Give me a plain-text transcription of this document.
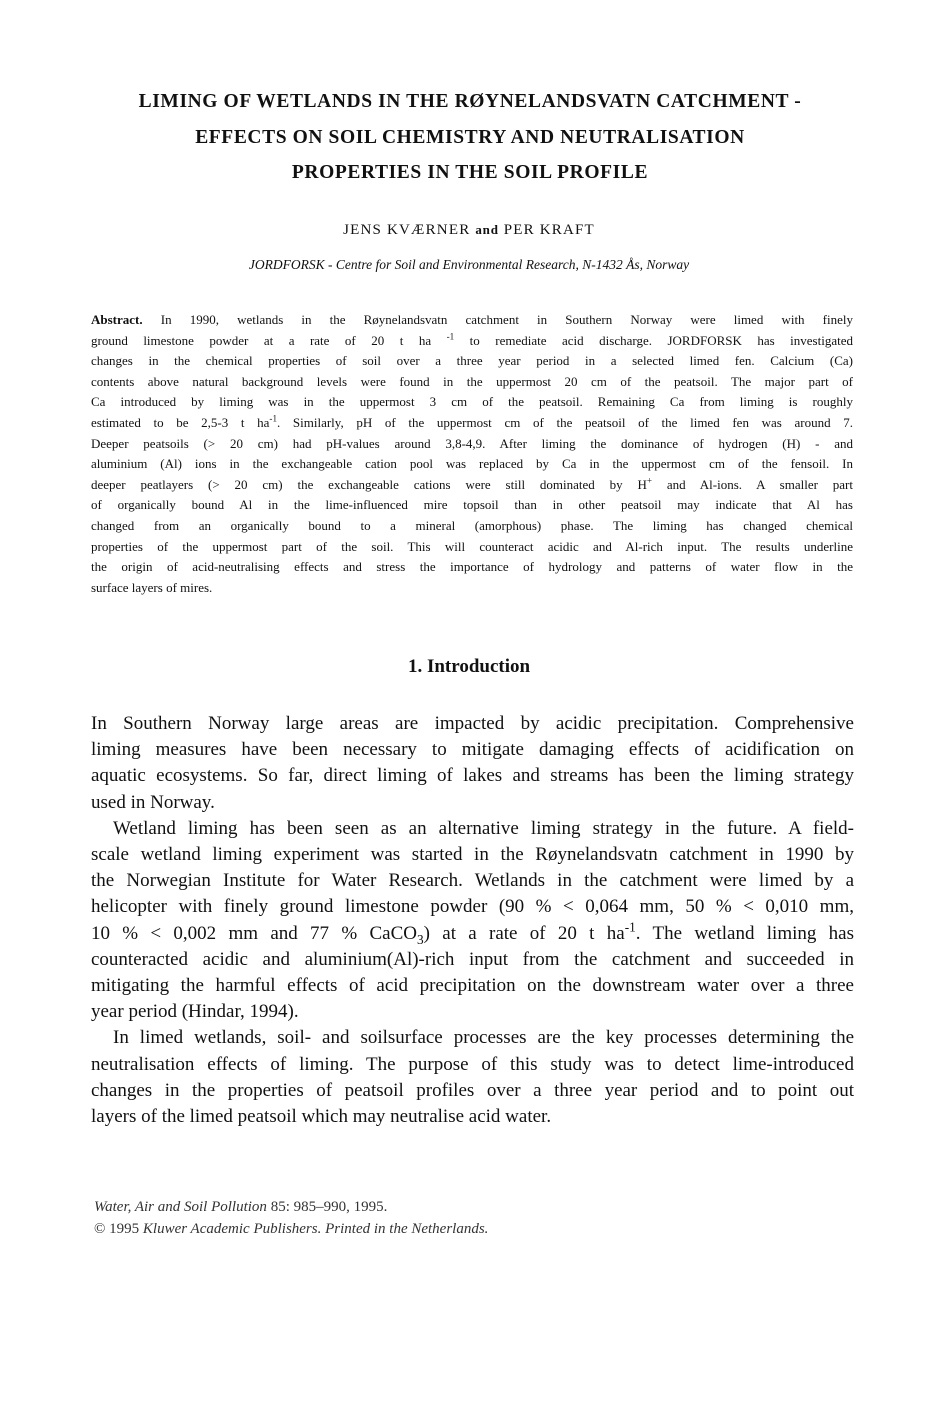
LIMING OF WETLANDS IN THE RØYNELANDSVATN CATCHMENT -
EFFECTS ON SOIL CHEMISTRY AND NEUTRALISATION
PROPERTIES IN THE SOIL PROFILE
JENS KVÆRNER and PER KRAFT
JORDFORSK - Centre for Soil and Environmental Research, N-1432 Ås, Norway
Abstract. In 1990, wetlands in the Røynelandsvatn catchment in Southern Norway were limed with finely
ground limestone powder at a rate of 20 t ha $^{-1}$ to remediate acid discharge. JORDFORSK has investigated
changes in the chemical properties of soil over a three year period in a selected limed fen. Calcium (Ca)
contents above natural background levels were found in the uppermost 20 cm of the peatsoil. The major part of
Ca introduced by liming was in the uppermost 3 cm of the peatsoil. Remaining Ca from liming is roughly
estimated to be 2,5-3 t $ha^{-1}$. Similarly, pH of the uppermost cm of the peatsoil of the limed fen was around 7.
Deeper peatsoils (> 20 cm) had pH-values around 3,8-4,9. After liming the dominance of hydrogen (H) - and
aluminium (Al) ions in the exchangeable cation pool was replaced by Ca in the uppermost cm of the fensoil. In
deeper peatlayers (> 20 cm) the exchangeable cations were still dominated by H+ and Al-ions. A smaller part
of organically bound Al in the lime-influenced mire topsoil than in other peatsoil may indicate that Al has
changed from an organically bound to a mineral (amorphous) phase. The liming has changed chemical
properties of the uppermost part of the soil. This will counteract acidic and Al-rich input. The results underline
the origin of acid-neutralising effects and stress the importance of hydrology and patterns of water flow in the
surface layers of mires.
1. Introduction
In Southern Norway large areas are impacted by acidic precipitation. Comprehensive
liming measures have been necessary to mitigate damaging effects of acidification on
aquatic ecosystems. So far, direct liming of lakes and streams has been the liming strategy
used in Norway.
Wetland liming has been seen as an alternative liming strategy in the future. A field-
scale wetland liming experiment was started in the Røynelandsvatn catchment in 1990 by
the Norwegian Institute for Water Research. Wetlands in the catchment were limed by a
helicopter with finely ground limestone powder (90 % < 0,064 mm, 50 % < 0,010 mm,
10 % < 0,002 mm and 77 % CaCO$_3$) at a rate of 20 t $ha^{-1}$. The wetland liming has
counteracted acidic and aluminium(Al)-rich input from the catchment and succeeded in
mitigating the harmful effects of acid precipitation on the downstream water over a three
year period (Hindar, 1994).
In limed wetlands, soil- and soilsurface processes are the key processes determining the
neutralisation effects of liming. The purpose of this study was to detect lime-introduced
changes in the properties of peatsoil profiles over a three year period and to point out
layers of the limed peatsoil which may neutralise acid water.
Water, Air and Soil Pollution 85: 985–990, 1995.
© 1995 Kluwer Academic Publishers. Printed in the Netherlands.
